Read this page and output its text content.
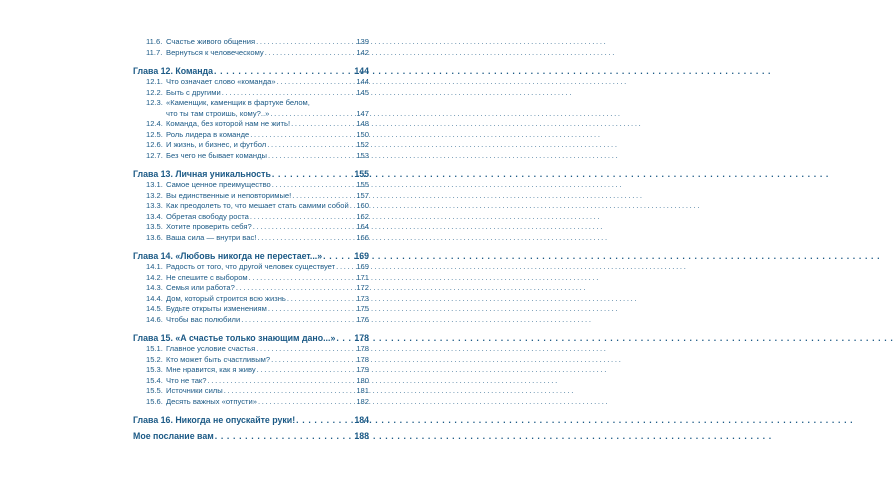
11.6. Счастье живого общения . . .	139
11.7. Вернуться к человеческому . . .	142
Глава 12. Команда . . .	144
12.1. Что означает слово «команда» . . .	144
12.2. Быть с другими . . .	145
12.3. «Каменщик, каменщик в фартуке белом,
что ты там строишь, кому?..» . . .	147
12.4. Команда, без которой нам не жить! . . .	148
12.5. Роль лидера в команде . . .	150
12.6. И жизнь, и бизнес, и футбол . . .	152
12.7. Без чего не бывает команды . . .	153
Глава 13. Личная уникальность . . .	155
13.1. Самое ценное преимущество . . .	155
13.2. Вы единственные и неповторимые! . . .	157
13.3. Как преодолеть то, что мешает стать самими собой . . . 160
13.4. Обретая свободу роста . . .	162
13.5. Хотите проверить себя? . . .	164
13.6. Ваша сила — внутри вас! . . .	166
Глава 14. «Любовь никогда не перестает...» . . .	169
14.1. Радость от того, что другой человек существует . . .	169
14.2. Не спешите с выбором . . .	171
14.3. Семья или работа? . . .	172
14.4. Дом, который строится всю жизнь . . .	173
14.5. Будьте открыты изменениям . . .	175
14.6. Чтобы вас полюбили . . .	176
Глава 15. «А счастье только знающим дано...» . . . 178
15.1. Главное условие счастья . . .	178
15.2. Кто может быть счастливым? . . .	178
15.3. Мне нравится, как я живу . . .	179
15.4. Что не так? . . .	180
15.5. Источники силы . . .	181
15.6. Десять важных «отпусти» . . .	182
Глава 16. Никогда не опускайте руки! . . .	184
Мое послание вам . . .	188
